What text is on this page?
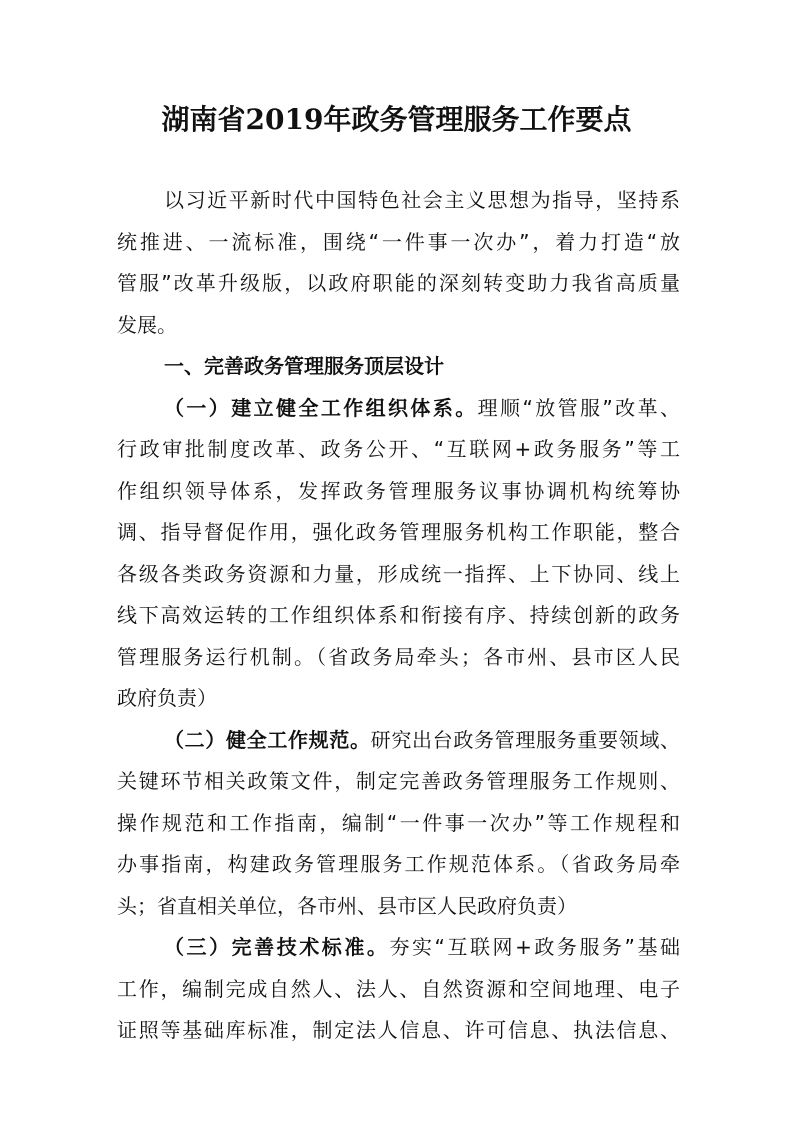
湖南省2019年政务管理服务工作要点

以习近平新时代中国特色社会主义思想为指导，坚持系

统推进、一流标准，围绕“一件事一次办”，着力打造“放

管服”改革升级版，以政府职能的深刻转变助力我省高质量

发展。

一、完善政务管理服务顶层设计

（一）建立健全工作组织体系。理顺“放管服”改革、

行政审批制度改革、政务公开、“互联网+政务服务”等工

作组织领导体系，发挥政务管理服务议事协调机构统筹协

调、指导督促作用，强化政务管理服务机构工作职能，整合

各级各类政务资源和力量，形成统一指挥、上下协同、线上

线下高效运转的工作组织体系和衔接有序、持续创新的政务

管理服务运行机制。（省政务局牵头；各市州、县市区人民

政府负责）

（二）健全工作规范。研究出台政务管理服务重要领域、

关键环节相关政策文件，制定完善政务管理服务工作规则、

操作规范和工作指南，编制“一件事一次办”等工作规程和

办事指南，构建政务管理服务工作规范体系。（省政务局牵

头；省直相关单位，各市州、县市区人民政府负责）

（三）完善技术标准。夯实“互联网+政务服务”基础

工作，编制完成自然人、法人、自然资源和空间地理、电子

证照等基础库标准，制定法人信息、许可信息、执法信息、
